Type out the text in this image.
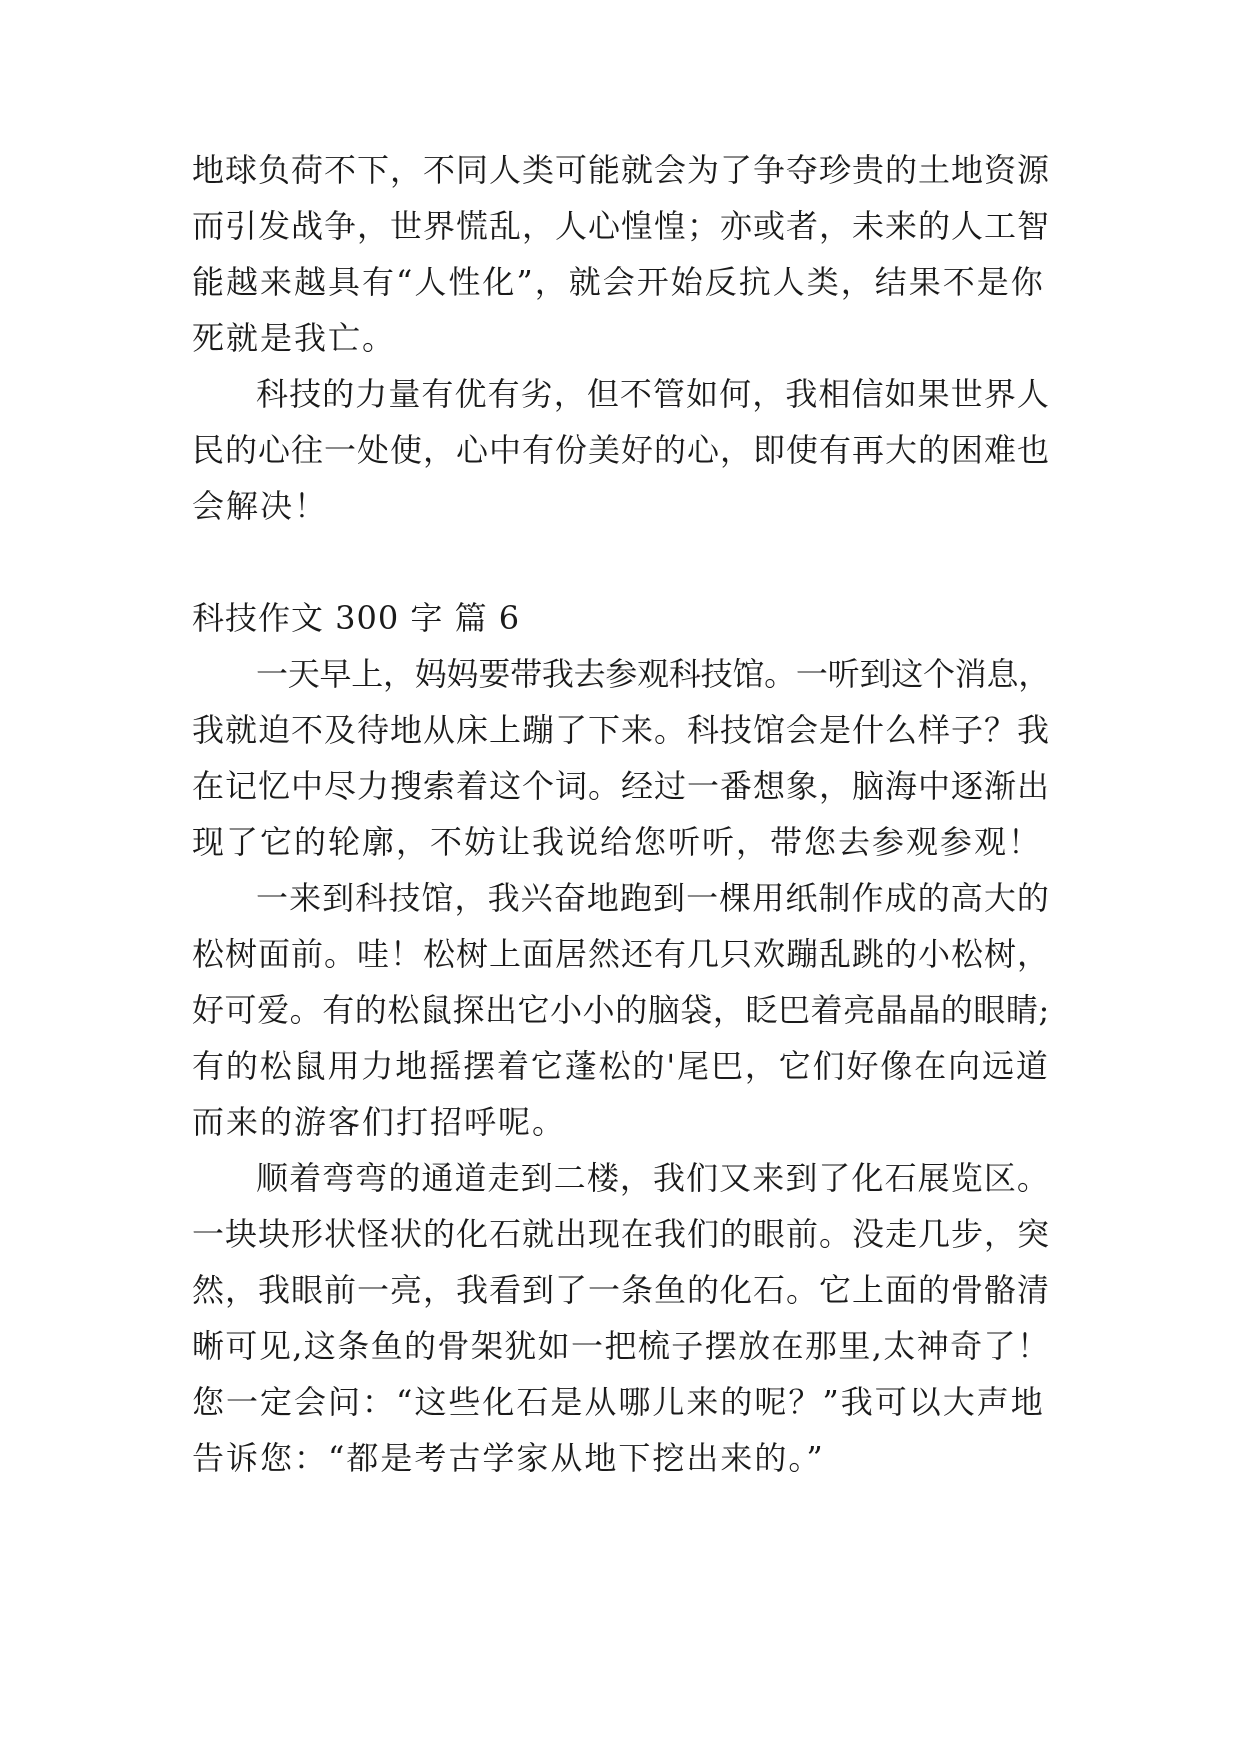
地球负荷不下，不同人类可能就会为了争夺珍贵的土地资源
而引发战争，世界慌乱，人心惶惶；亦或者，未来的人工智
能越来越具有“人性化”，就会开始反抗人类，结果不是你
死就是我亡。
科技的力量有优有劣，但不管如何，我相信如果世界人
民的心往一处使，心中有份美好的心，即使有再大的困难也
会解决！
科技作文 300 字 篇 6
一天早上，妈妈要带我去参观科技馆。一听到这个消息，
我就迫不及待地从床上蹦了下来。科技馆会是什么样子？我
在记忆中尽力搜索着这个词。经过一番想象，脑海中逐渐出
现了它的轮廓，不妨让我说给您听听，带您去参观参观！
一来到科技馆，我兴奋地跑到一棵用纸制作成的高大的
松树面前。哇！松树上面居然还有几只欢蹦乱跳的小松树，
好可爱。有的松鼠探出它小小的脑袋，眨巴着亮晶晶的眼睛;
有的松鼠用力地摇摆着它蓬松的'尾巴，它们好像在向远道
而来的游客们打招呼呢。
顺着弯弯的通道走到二楼，我们又来到了化石展览区。
一块块形状怪状的化石就出现在我们的眼前。没走几步，突
然，我眼前一亮，我看到了一条鱼的化石。它上面的骨骼清
晰可见,这条鱼的骨架犹如一把梳子摆放在那里,太神奇了！
您一定会问：“这些化石是从哪儿来的呢？”我可以大声地
告诉您：“都是考古学家从地下挖出来的。”
